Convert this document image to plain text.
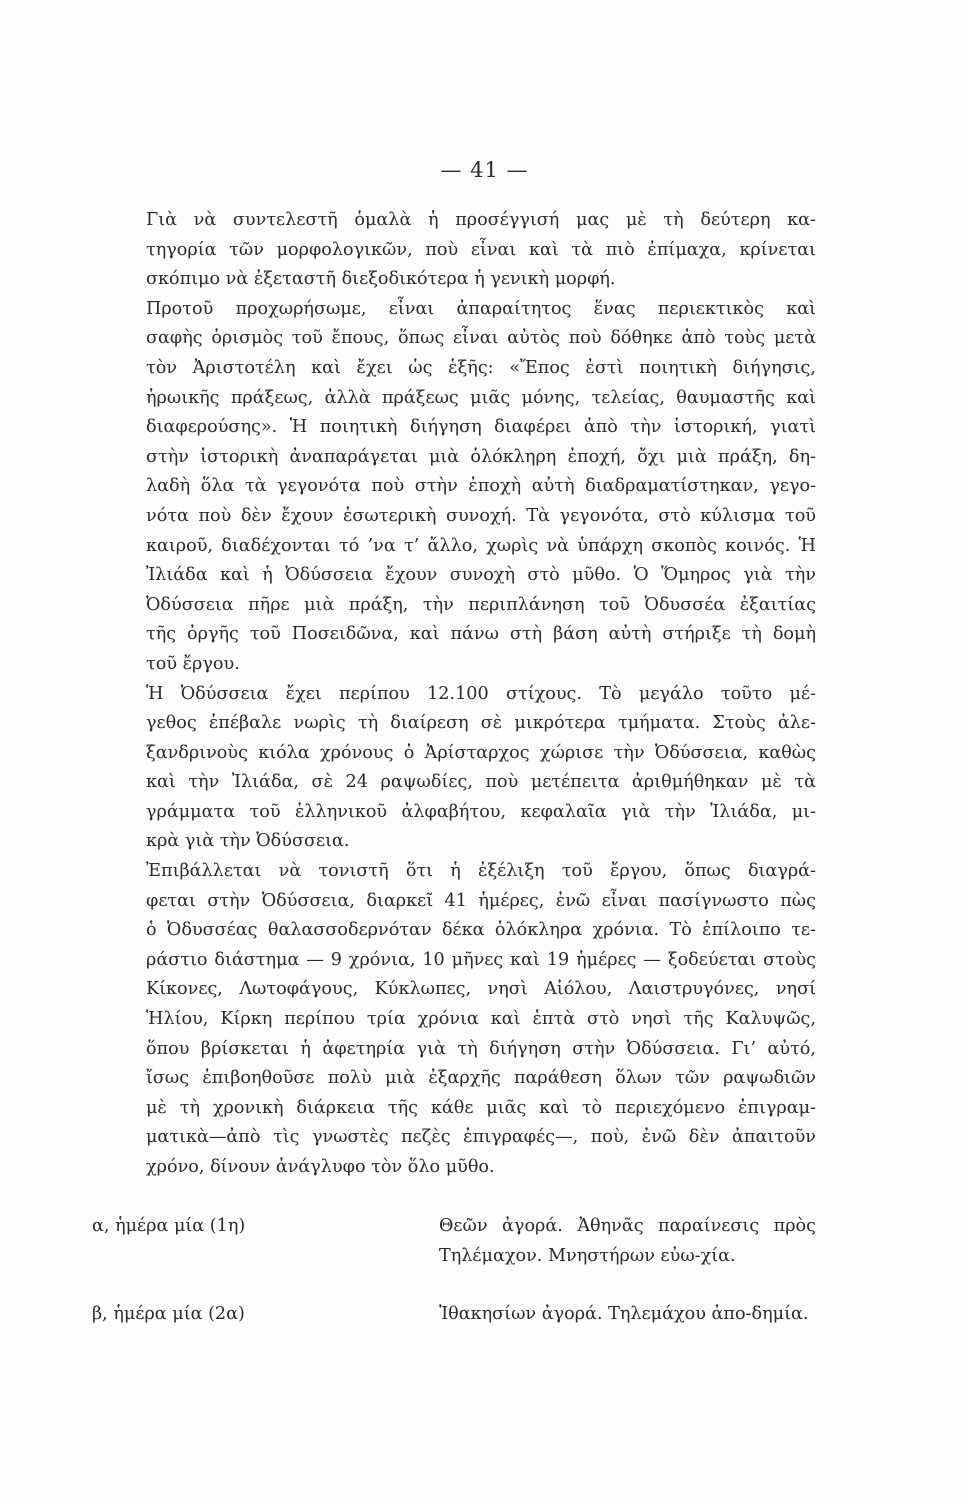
— 41 —

Γιὰ νὰ συντελεστῆ ὁμαλὰ ἡ προσέγγισή μας μὲ τὴ δεύτερη κα-
τηγορία τῶν μορφολογικῶν, ποὺ εἶναι καὶ τὰ πιὸ ἐπίμαχα, κρίνεται
σκόπιμο νὰ ἐξεταστῆ διεξοδικότερα ἡ γενικὴ μορφή.

Προτοῦ προχωρήσωμε, εἶναι ἀπαραίτητος ἕνας περιεκτικὸς καὶ
σαφὴς ὁρισμὸς τοῦ ἔπους, ὅπως εἶναι αὐτὸς ποὺ δόθηκε ἀπὸ τοὺς μετὰ
τὸν Ἀριστοτέλη καὶ ἔχει ὡς ἑξῆς: «Ἔπος ἐστὶ ποιητικὴ διήγησις,
ἡρωικῆς πράξεως, ἀλλὰ πράξεως μιᾶς μόνης, τελείας, θαυμαστῆς καὶ
διαφερούσης». Ἡ ποιητικὴ διήγηση διαφέρει ἀπὸ τὴν ἱστορική, γιατὶ
στὴν ἱστορικὴ ἀναπαράγεται μιὰ ὁλόκληρη ἐποχή, ὄχι μιὰ πράξη, δη-
λαδὴ ὅλα τὰ γεγονότα ποὺ στὴν ἐποχὴ αὐτὴ διαδραματίστηκαν, γεγο-
νότα ποὺ δὲν ἔχουν ἐσωτερικὴ συνοχή. Τὰ γεγονότα, στὸ κύλισμα τοῦ
καιροῦ, διαδέχονται τό ’να τ’ ἄλλο, χωρὶς νὰ ὑπάρχη σκοπὸς κοινός. Ἡ
Ἰλιάδα καὶ ἡ Ὀδύσσεια ἔχουν συνοχὴ στὸ μῦθο. Ὁ Ὅμηρος γιὰ τὴν
Ὀδύσσεια πῆρε μιὰ πράξη, τὴν περιπλάνηση τοῦ Ὀδυσσέα ἐξαιτίας
τῆς ὀργῆς τοῦ Ποσειδῶνα, καὶ πάνω στὴ βάση αὐτὴ στήριξε τὴ δομὴ
τοῦ ἔργου.

Ἡ Ὀδύσσεια ἔχει περίπου 12.100 στίχους. Τὸ μεγάλο τοῦτο μέ-
γεθος ἐπέβαλε νωρὶς τὴ διαίρεση σὲ μικρότερα τμήματα. Στοὺς ἀλε-
ξανδρινοὺς κιόλα χρόνους ὁ Ἀρίσταρχος χώρισε τὴν Ὀδύσσεια, καθὼς
καὶ τὴν Ἰλιάδα, σὲ 24 ραψωδίες, ποὺ μετέπειτα ἀριθμήθηκαν μὲ τὰ
γράμματα τοῦ ἑλληνικοῦ ἀλφαβήτου, κεφαλαῖα γιὰ τὴν Ἰλιάδα, μι-
κρὰ γιὰ τὴν Ὀδύσσεια.

Ἐπιβάλλεται νὰ τονιστῆ ὅτι ἡ ἐξέλιξη τοῦ ἔργου, ὅπως διαγρά-
φεται στὴν Ὀδύσσεια, διαρκεῖ 41 ἡμέρες, ἐνῶ εἶναι πασίγνωστο πὼς
ὁ Ὀδυσσέας θαλασσοδερνόταν δέκα ὁλόκληρα χρόνια. Τὸ ἐπίλοιπο τε-
ράστιο διάστημα — 9 χρόνια, 10 μῆνες καὶ 19 ἡμέρες — ξοδεύεται στοὺς
Κίκονες, Λωτοφάγους, Κύκλωπες, νησὶ Αἰόλου, Λαιστρυγόνες, νησί
Ἡλίου, Κίρκη περίπου τρία χρόνια καὶ ἑπτὰ στὸ νησὶ τῆς Καλυψῶς,
ὅπου βρίσκεται ἡ ἀφετηρία γιὰ τὴ διήγηση στὴν Ὀδύσσεια. Γι’ αὐτό,
ἴσως ἐπιβοηθοῦσε πολὺ μιὰ ἐξαρχῆς παράθεση ὅλων τῶν ραψωδιῶν
μὲ τὴ χρονικὴ διάρκεια τῆς κάθε μιᾶς καὶ τὸ περιεχόμενο ἐπιγραμ-
ματικὰ—ἀπὸ τὶς γνωστὲς πεζὲς ἐπιγραφές—, ποὺ, ἐνῶ δὲν ἀπαιτοῦν
χρόνο, δίνουν ἀνάγλυφο τὸν ὅλο μῦθο.

α, ἡμέρα μία (1η)	Θεῶν ἀγορά. Ἀθηνᾶς παραίνεσις πρὸς Τηλέμαχον. Μνηστήρων εὐω-χία.
β, ἡμέρα μία (2α)	Ἰθακησίων ἀγορά. Τηλεμάχου ἀπο-δημία.
